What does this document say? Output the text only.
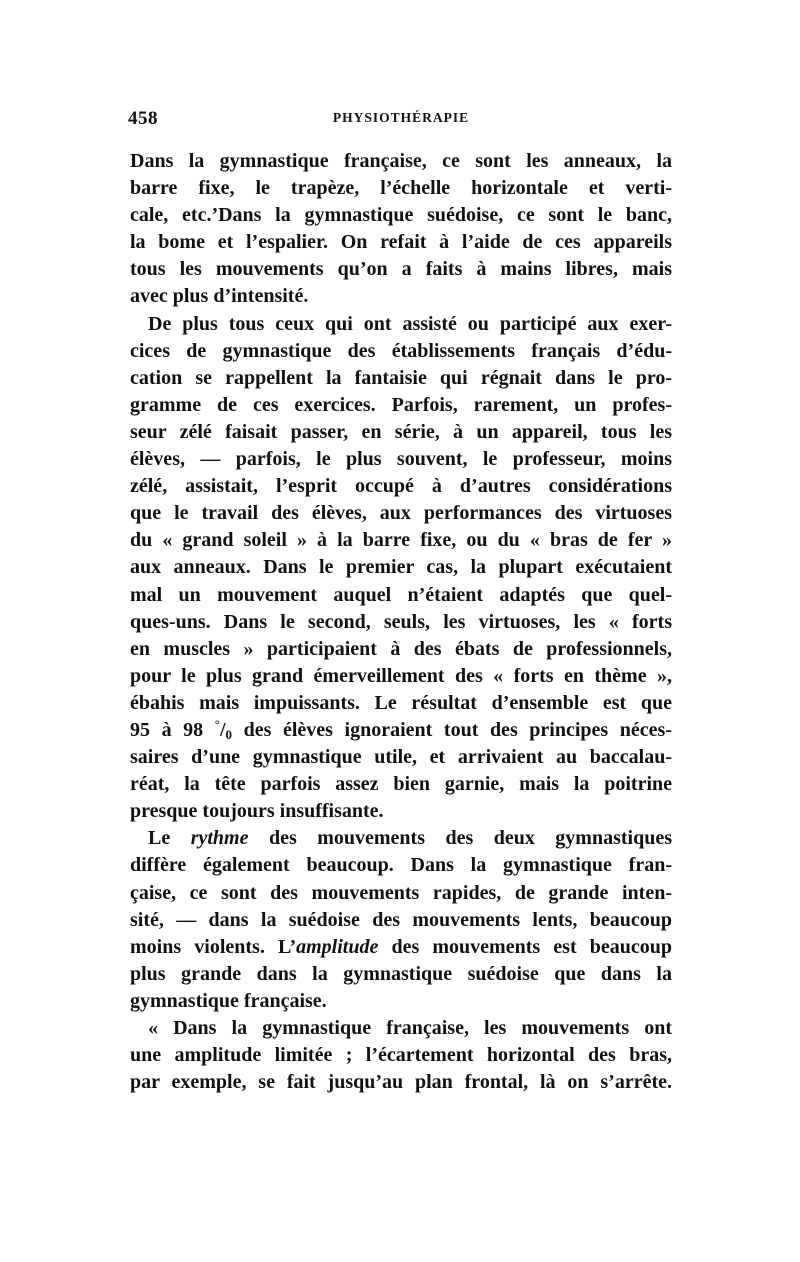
458	PHYSIOTHÉRAPIE
Dans la gymnastique française, ce sont les anneaux, la
barre fixe, le trapèze, l’échelle horizontale et verti-
cale, etc.’Dans la gymnastique suédoise, ce sont le banc,
la bome et l’espalier. On refait à l’aide de ces appareils
tous les mouvements qu’on a faits à mains libres, mais
avec plus d’intensité.
De plus tous ceux qui ont assisté ou participé aux exer-
cices de gymnastique des établissements français d’édu-
cation se rappellent la fantaisie qui régnait dans le pro-
gramme de ces exercices. Parfois, rarement, un profes-
seur zélé faisait passer, en série, à un appareil, tous les
élèves, — parfois, le plus souvent, le professeur, moins
zélé, assistait, l’esprit occupé à d’autres considérations
que le travail des élèves, aux performances des virtuoses
du « grand soleil » à la barre fixe, ou du « bras de fer »
aux anneaux. Dans le premier cas, la plupart exécutaient
mal un mouvement auquel n’étaient adaptés que quel-
ques-uns. Dans le second, seuls, les virtuoses, les « forts
en muscles » participaient à des ébats de professionnels,
pour le plus grand émerveillement des « forts en thème »,
ébahis mais impuissants. Le résultat d’ensemble est que
95 à 98 $^\circ/_0$ des élèves ignoraient tout des principes néces-
saires d’une gymnastique utile, et arrivaient au baccalau-
réat, la tête parfois assez bien garnie, mais la poitrine
presque toujours insuffisante.
Le rythme des mouvements des deux gymnastiques
diffère également beaucoup. Dans la gymnastique fran-
çaise, ce sont des mouvements rapides, de grande inten-
sité, — dans la suédoise des mouvements lents, beaucoup
moins violents. L’amplitude des mouvements est beaucoup
plus grande dans la gymnastique suédoise que dans la
gymnastique française.
« Dans la gymnastique française, les mouvements ont
une amplitude limitée ; l’écartement horizontal des bras,
par exemple, se fait jusqu’au plan frontal, là on s’arrête.
